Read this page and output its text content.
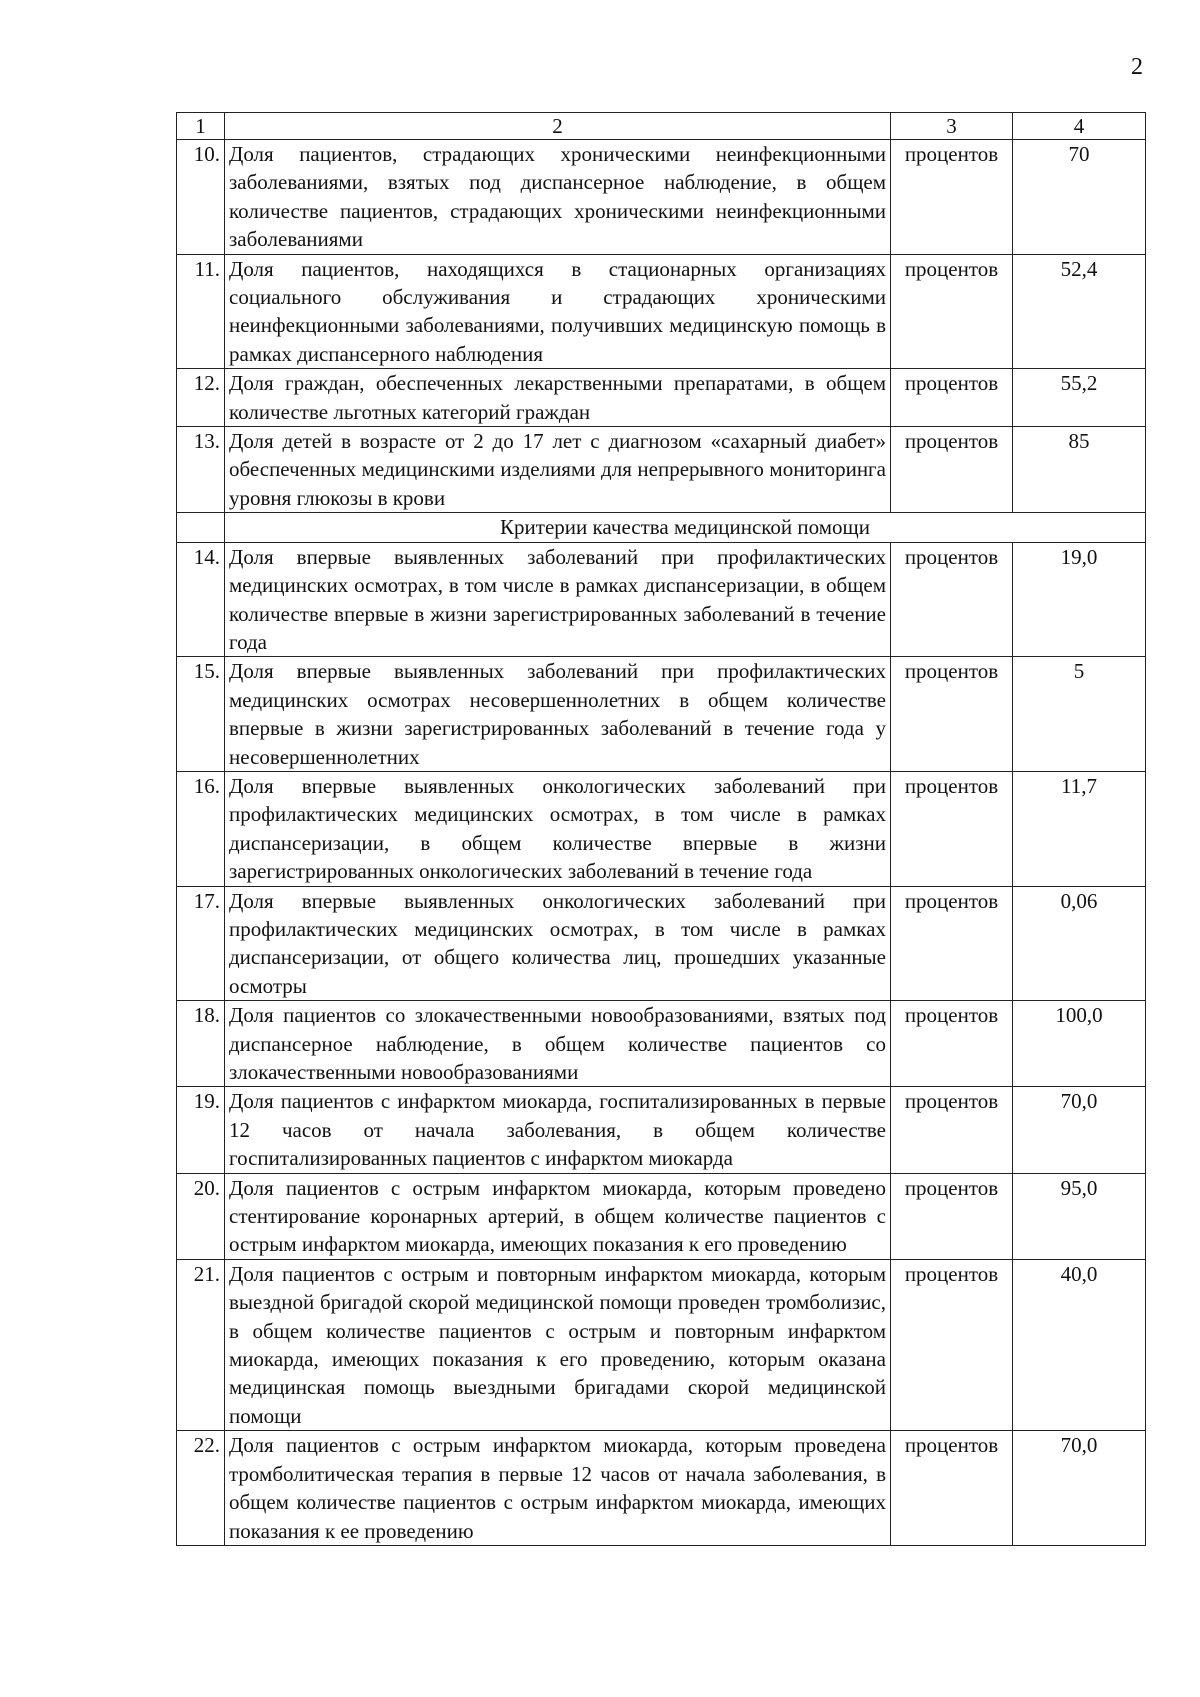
2
1	2	3	4
10.	Доля пациентов, страдающих хроническими неинфекционными заболеваниями, взятых под диспансерное наблюдение, в общем количестве пациентов, страдающих хроническими неинфекционными заболеваниями	процентов	70
11.	Доля пациентов, находящихся в стационарных организациях социального обслуживания и страдающих хроническими неинфекционными заболеваниями, получивших медицинскую помощь в рамках диспансерного наблюдения	процентов	52,4
12.	Доля граждан, обеспеченных лекарственными препаратами, в общем количестве льготных категорий граждан	процентов	55,2
13.	Доля детей в возрасте от 2 до 17 лет с диагнозом «сахарный диабет» обеспеченных медицинскими изделиями для непрерывного мониторинга уровня глюкозы в крови	процентов	85
	Критерии качества медицинской помощи		
14.	Доля впервые выявленных заболеваний при профилактических медицинских осмотрах, в том числе в рамках диспансеризации, в общем количестве впервые в жизни зарегистрированных заболеваний в течение года	процентов	19,0
15.	Доля впервые выявленных заболеваний при профилактических медицинских осмотрах несовершеннолетних в общем количестве впервые в жизни зарегистрированных заболеваний в течение года у несовершеннолетних	процентов	5
16.	Доля впервые выявленных онкологических заболеваний при профилактических медицинских осмотрах, в том числе в рамках диспансеризации, в общем количестве впервые в жизни зарегистрированных онкологических заболеваний в течение года	процентов	11,7
17.	Доля впервые выявленных онкологических заболеваний при профилактических медицинских осмотрах, в том числе в рамках диспансеризации, от общего количества лиц, прошедших указанные осмотры	процентов	0,06
18.	Доля пациентов со злокачественными новообразованиями, взятых под диспансерное наблюдение, в общем количестве пациентов со злокачественными новообразованиями	процентов	100,0
19.	Доля пациентов с инфарктом миокарда, госпитализированных в первые 12 часов от начала заболевания, в общем количестве госпитализированных пациентов с инфарктом миокарда	процентов	70,0
20.	Доля пациентов с острым инфарктом миокарда, которым проведено стентирование коронарных артерий, в общем количестве пациентов с острым инфарктом миокарда, имеющих показания к его проведению	процентов	95,0
21.	Доля пациентов с острым и повторным инфарктом миокарда, которым выездной бригадой скорой медицинской помощи проведен тромболизис, в общем количестве пациентов с острым и повторным инфарктом миокарда, имеющих показания к его проведению, которым оказана медицинская помощь выездными бригадами скорой медицинской помощи	процентов	40,0
22.	Доля пациентов с острым инфарктом миокарда, которым проведена тромболитическая терапия в первые 12 часов от начала заболевания, в общем количестве пациентов с острым инфарктом миокарда, имеющих показания к ее проведению	процентов	70,0
